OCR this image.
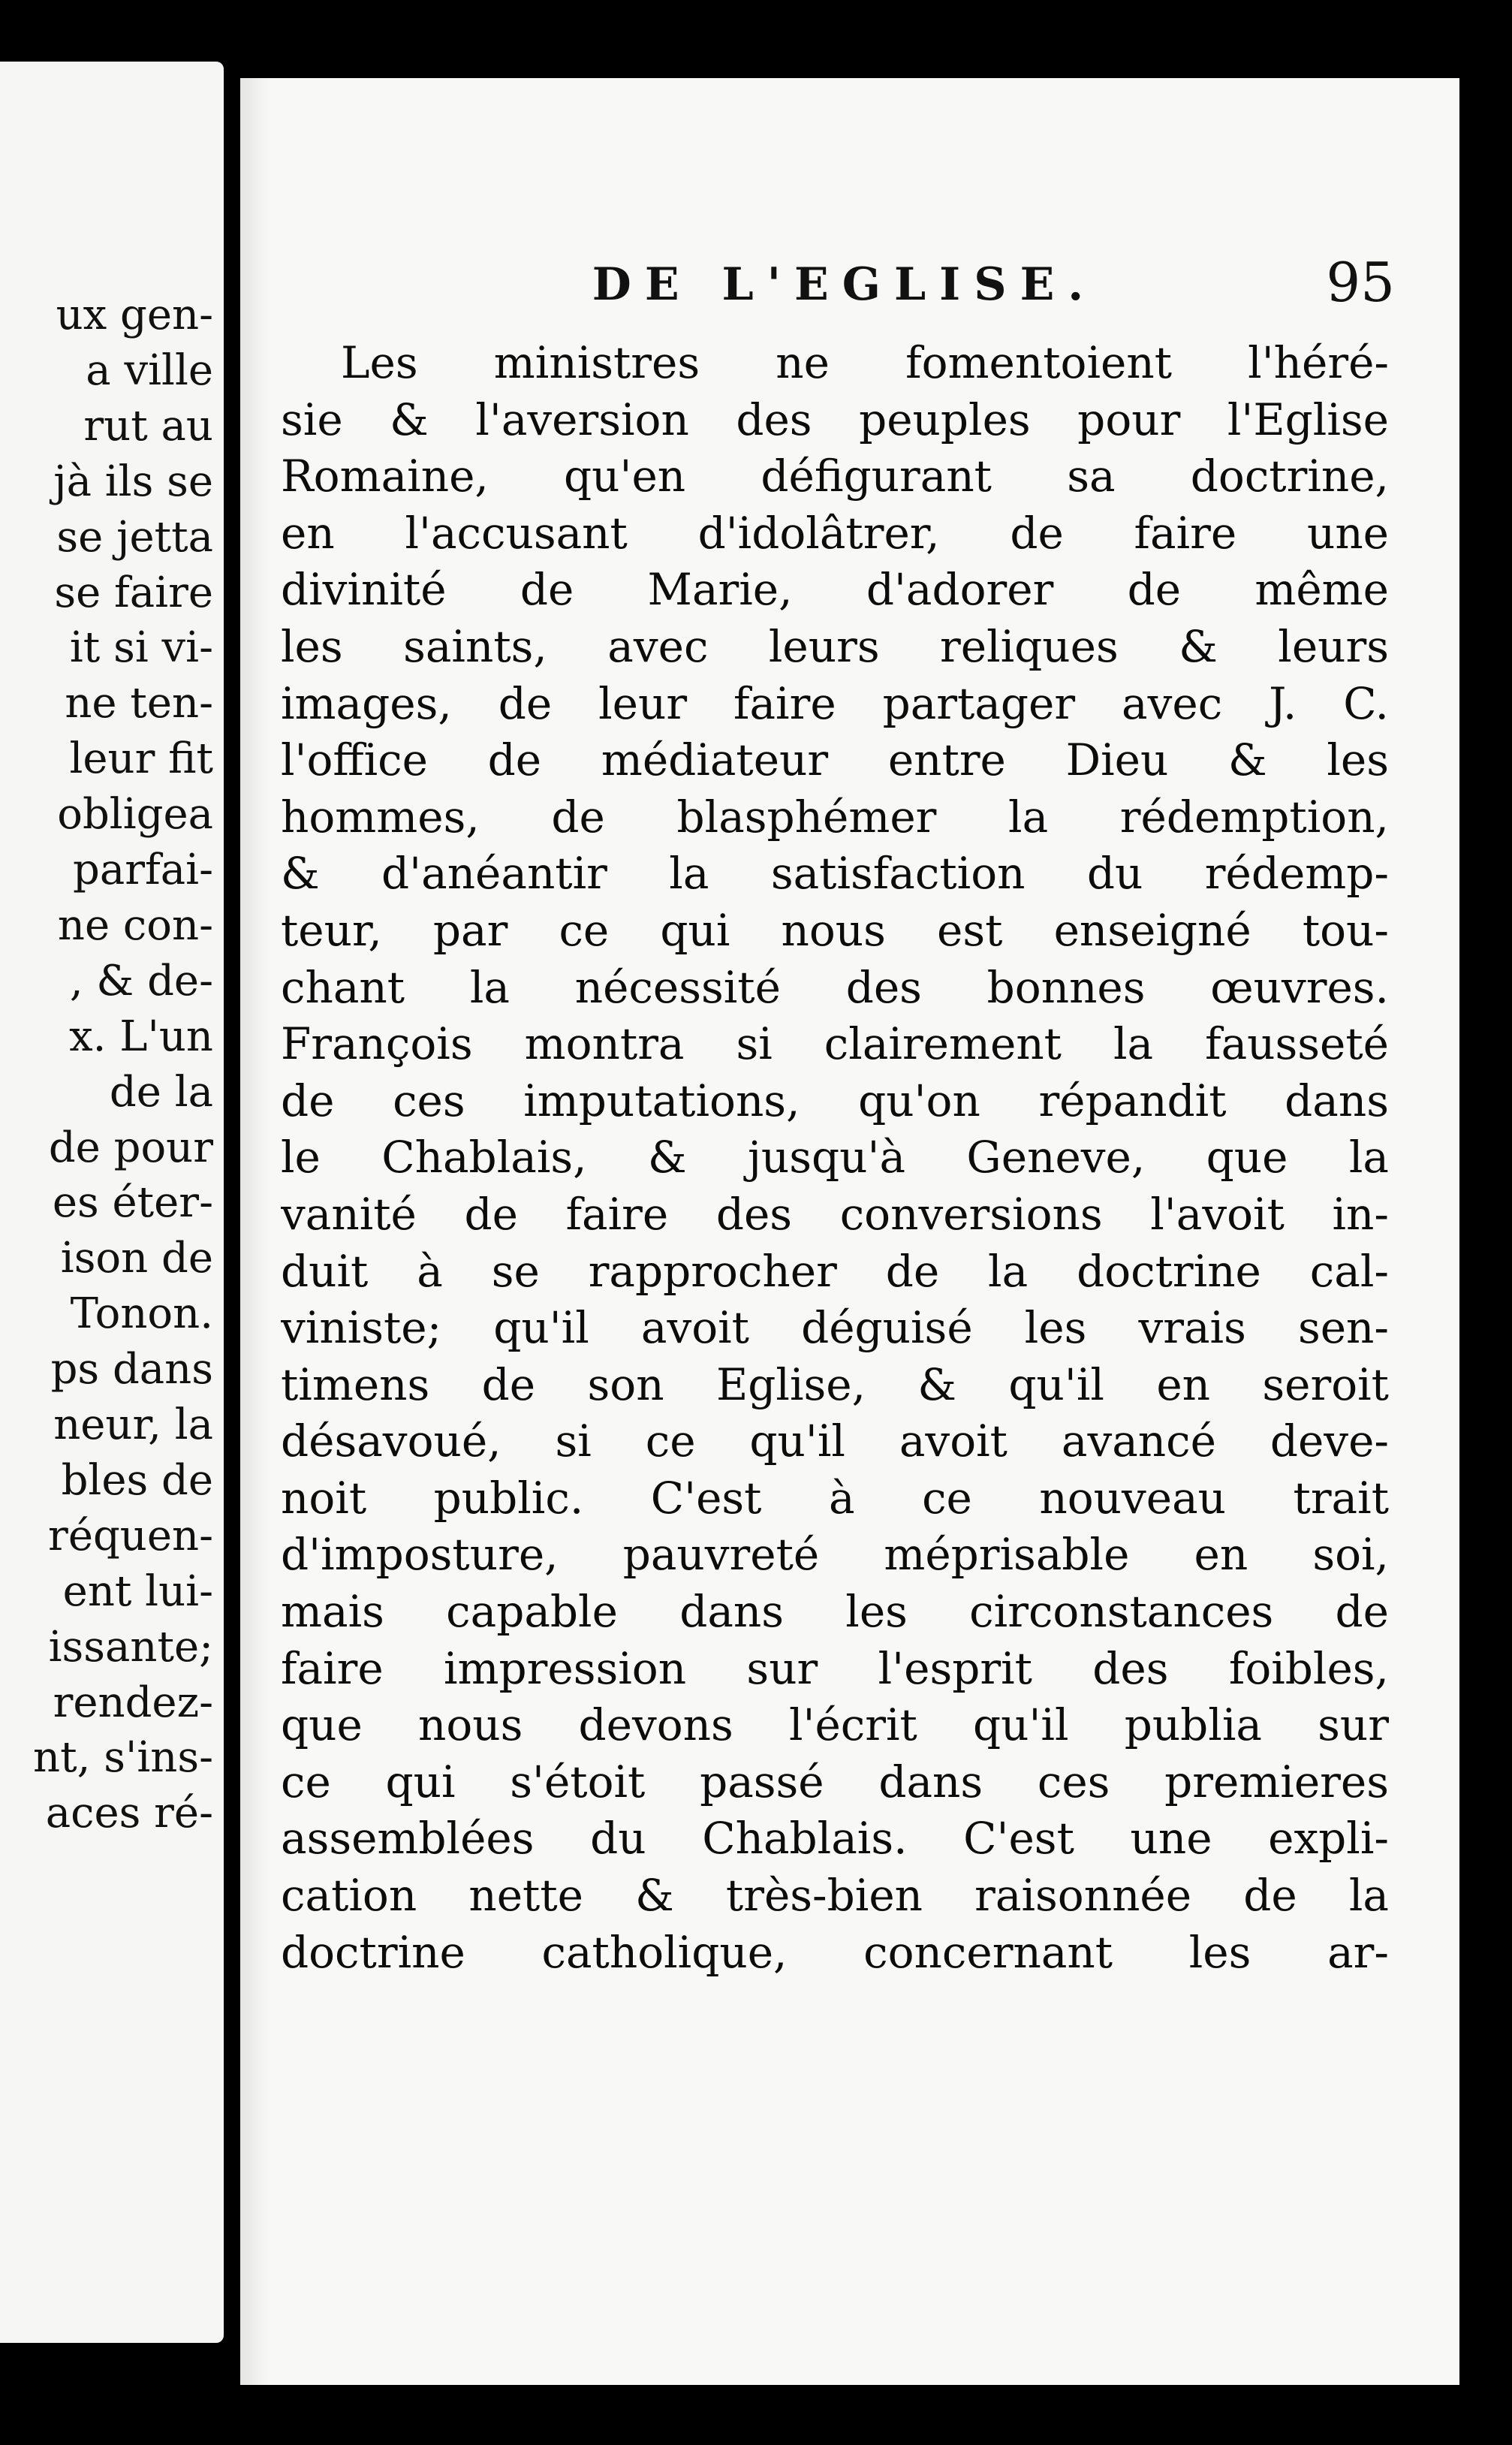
ux gen-
a ville
rut au
jà ils se
se jetta
se faire
it si vi-
ne ten-
leur fit
obligea
parfai-
ne con-
, & de-
x. L'un
de la
de pour
es éter-
ison de
Tonon.
ps dans
neur, la
bles de
réquen-
ent lui-
issante;
rendez-
nt, s'ins-
aces ré-
DE L'EGLISE.	95
Les ministres ne fomentoient l'héré-
sie & l'aversion des peuples pour l'Eglise
Romaine, qu'en défigurant sa doctrine,
en l'accusant d'idolâtrer, de faire une
divinité de Marie, d'adorer de même
les saints, avec leurs reliques & leurs
images, de leur faire partager avec J. C.
l'office de médiateur entre Dieu & les
hommes, de blasphémer la rédemption,
& d'anéantir la satisfaction du rédemp-
teur, par ce qui nous est enseigné tou-
chant la nécessité des bonnes œuvres.
François montra si clairement la fausseté
de ces imputations, qu'on répandit dans
le Chablais, & jusqu'à Geneve, que la
vanité de faire des conversions l'avoit in-
duit à se rapprocher de la doctrine cal-
viniste; qu'il avoit déguisé les vrais sen-
timens de son Eglise, & qu'il en seroit
désavoué, si ce qu'il avoit avancé deve-
noit public. C'est à ce nouveau trait
d'imposture, pauvreté méprisable en soi,
mais capable dans les circonstances de
faire impression sur l'esprit des foibles,
que nous devons l'écrit qu'il publia sur
ce qui s'étoit passé dans ces premieres
assemblées du Chablais. C'est une expli-
cation nette & très-bien raisonnée de la
doctrine catholique, concernant les ar-
